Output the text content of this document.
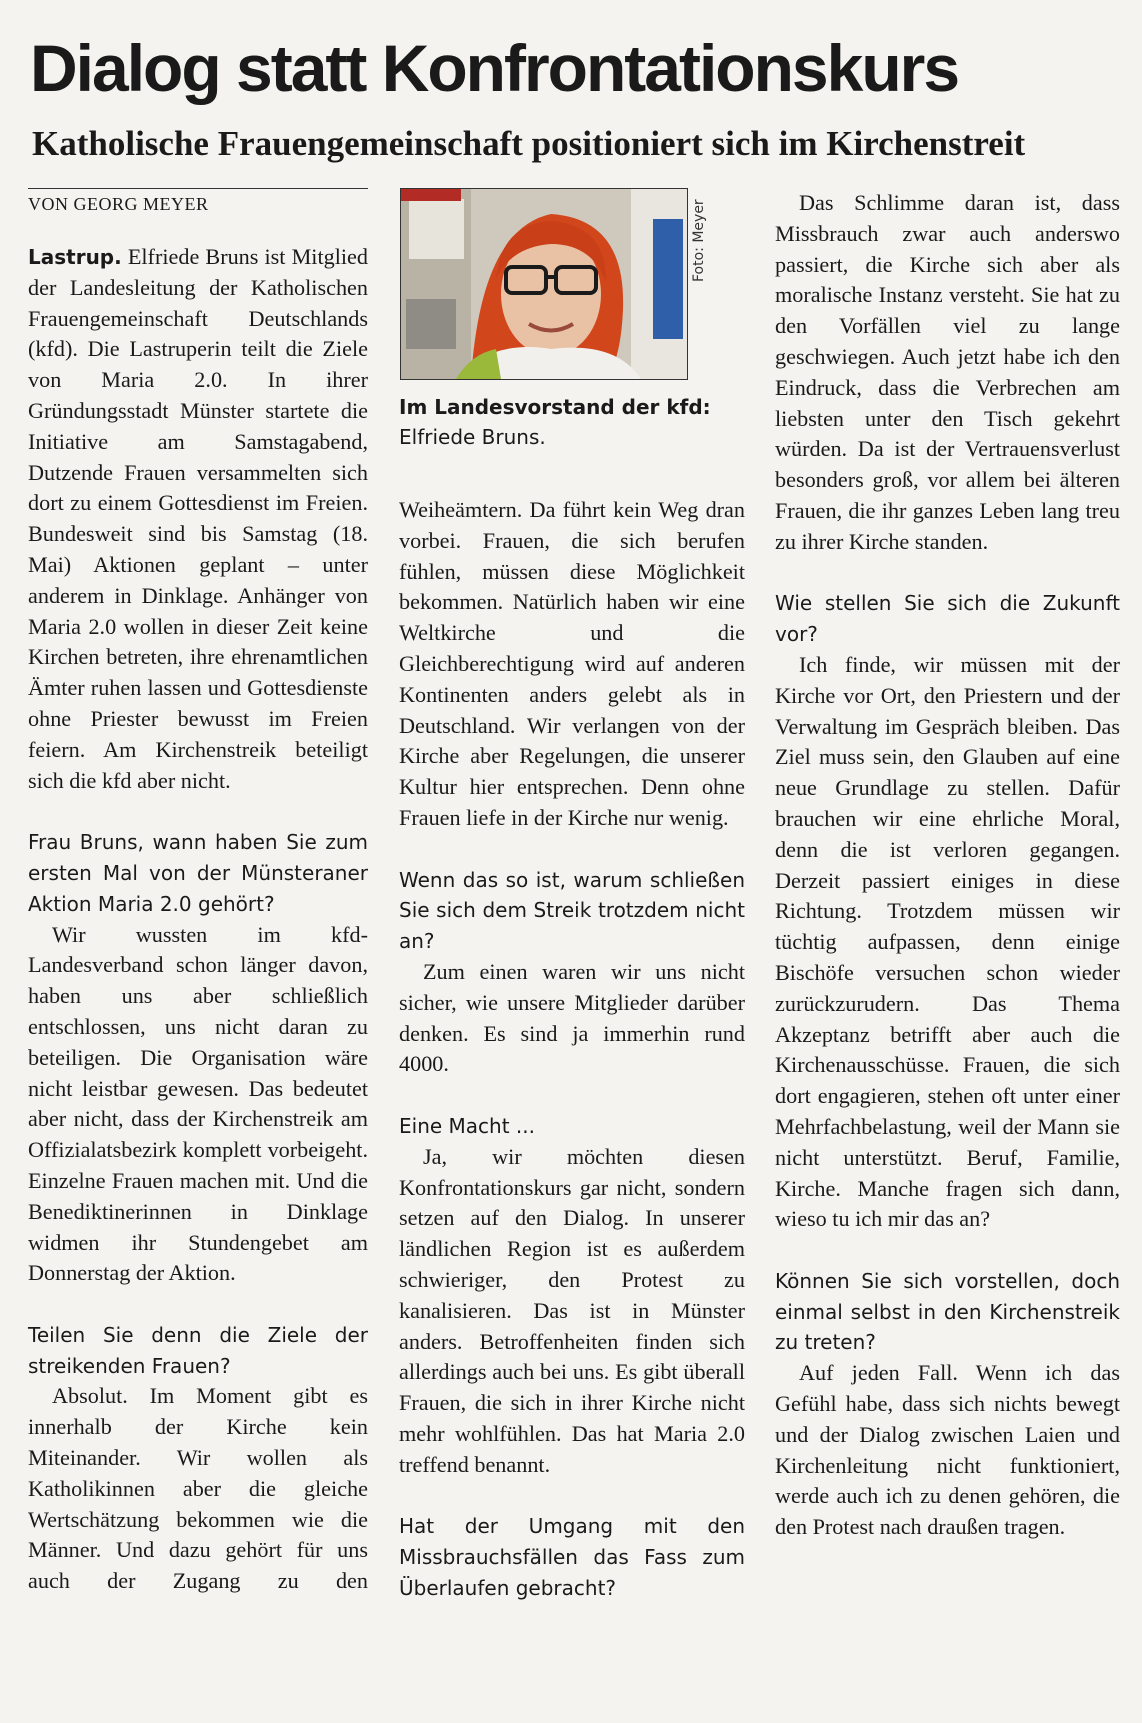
Dialog statt Konfrontationskurs
Katholische Frauengemeinschaft positioniert sich im Kirchenstreit
VON GEORG MEYER

Lastrup. Elfriede Bruns ist Mitglied der Landesleitung der Katholischen Frauengemeinschaft Deutschlands (kfd). Die Lastruperin teilt die Ziele von Maria 2.0. In ihrer Gründungsstadt Münster startete die Initiative am Samstagabend, Dutzende Frauen versammelten sich dort zu einem Gottesdienst im Freien. Bundesweit sind bis Samstag (18. Mai) Aktionen geplant – unter anderem in Dinklage. Anhänger von Maria 2.0 wollen in dieser Zeit keine Kirchen betreten, ihre ehrenamtlichen Ämter ruhen lassen und Gottesdienste ohne Priester bewusst im Freien feiern. Am Kirchenstreik beteiligt sich die kfd aber nicht.

Frau Bruns, wann haben Sie zum ersten Mal von der Münsteraner Aktion Maria 2.0 gehört?

Wir wussten im kfd-Landesverband schon länger davon, haben uns aber schließlich entschlossen, uns nicht daran zu beteiligen. Die Organisation wäre nicht leistbar gewesen. Das bedeutet aber nicht, dass der Kirchenstreik am Offizialatsbezirk komplett vorbeigeht. Einzelne Frauen machen mit. Und die Benediktinerinnen in Dinklage widmen ihr Stundengebet am Donnerstag der Aktion.

Teilen Sie denn die Ziele der streikenden Frauen?

Absolut. Im Moment gibt es innerhalb der Kirche kein Miteinander. Wir wollen als Katholikinnen aber die gleiche Wertschätzung bekommen wie die Männer. Und dazu gehört für uns auch der Zugang zu den

Foto: Meyer
Im Landesvorstand der kfd:
Elfriede Bruns.

Weiheämtern. Da führt kein Weg dran vorbei. Frauen, die sich berufen fühlen, müssen diese Möglichkeit bekommen. Natürlich haben wir eine Weltkirche und die Gleichberechtigung wird auf anderen Kontinenten anders gelebt als in Deutschland. Wir verlangen von der Kirche aber Regelungen, die unserer Kultur hier entsprechen. Denn ohne Frauen liefe in der Kirche nur wenig.

Wenn das so ist, warum schließen Sie sich dem Streik trotzdem nicht an?

Zum einen waren wir uns nicht sicher, wie unsere Mitglieder darüber denken. Es sind ja immerhin rund 4000.

Eine Macht ...

Ja, wir möchten diesen Konfrontationskurs gar nicht, sondern setzen auf den Dialog. In unserer ländlichen Region ist es außerdem schwieriger, den Protest zu kanalisieren. Das ist in Münster anders. Betroffenheiten finden sich allerdings auch bei uns. Es gibt überall Frauen, die sich in ihrer Kirche nicht mehr wohlfühlen. Das hat Maria 2.0 treffend benannt.

Hat der Umgang mit den Missbrauchsfällen das Fass zum Überlaufen gebracht?

Das Schlimme daran ist, dass Missbrauch zwar auch anderswo passiert, die Kirche sich aber als moralische Instanz versteht. Sie hat zu den Vorfällen viel zu lange geschwiegen. Auch jetzt habe ich den Eindruck, dass die Verbrechen am liebsten unter den Tisch gekehrt würden. Da ist der Vertrauensverlust besonders groß, vor allem bei älteren Frauen, die ihr ganzes Leben lang treu zu ihrer Kirche standen.

Wie stellen Sie sich die Zukunft vor?

Ich finde, wir müssen mit der Kirche vor Ort, den Priestern und der Verwaltung im Gespräch bleiben. Das Ziel muss sein, den Glauben auf eine neue Grundlage zu stellen. Dafür brauchen wir eine ehrliche Moral, denn die ist verloren gegangen. Derzeit passiert einiges in diese Richtung. Trotzdem müssen wir tüchtig aufpassen, denn einige Bischöfe versuchen schon wieder zurückzurudern. Das Thema Akzeptanz betrifft aber auch die Kirchenausschüsse. Frauen, die sich dort engagieren, stehen oft unter einer Mehrfachbelastung, weil der Mann sie nicht unterstützt. Beruf, Familie, Kirche. Manche fragen sich dann, wieso tu ich mir das an?

Können Sie sich vorstellen, doch einmal selbst in den Kirchenstreik zu treten?

Auf jeden Fall. Wenn ich das Gefühl habe, dass sich nichts bewegt und der Dialog zwischen Laien und Kirchenleitung nicht funktioniert, werde auch ich zu denen gehören, die den Protest nach draußen tragen.
